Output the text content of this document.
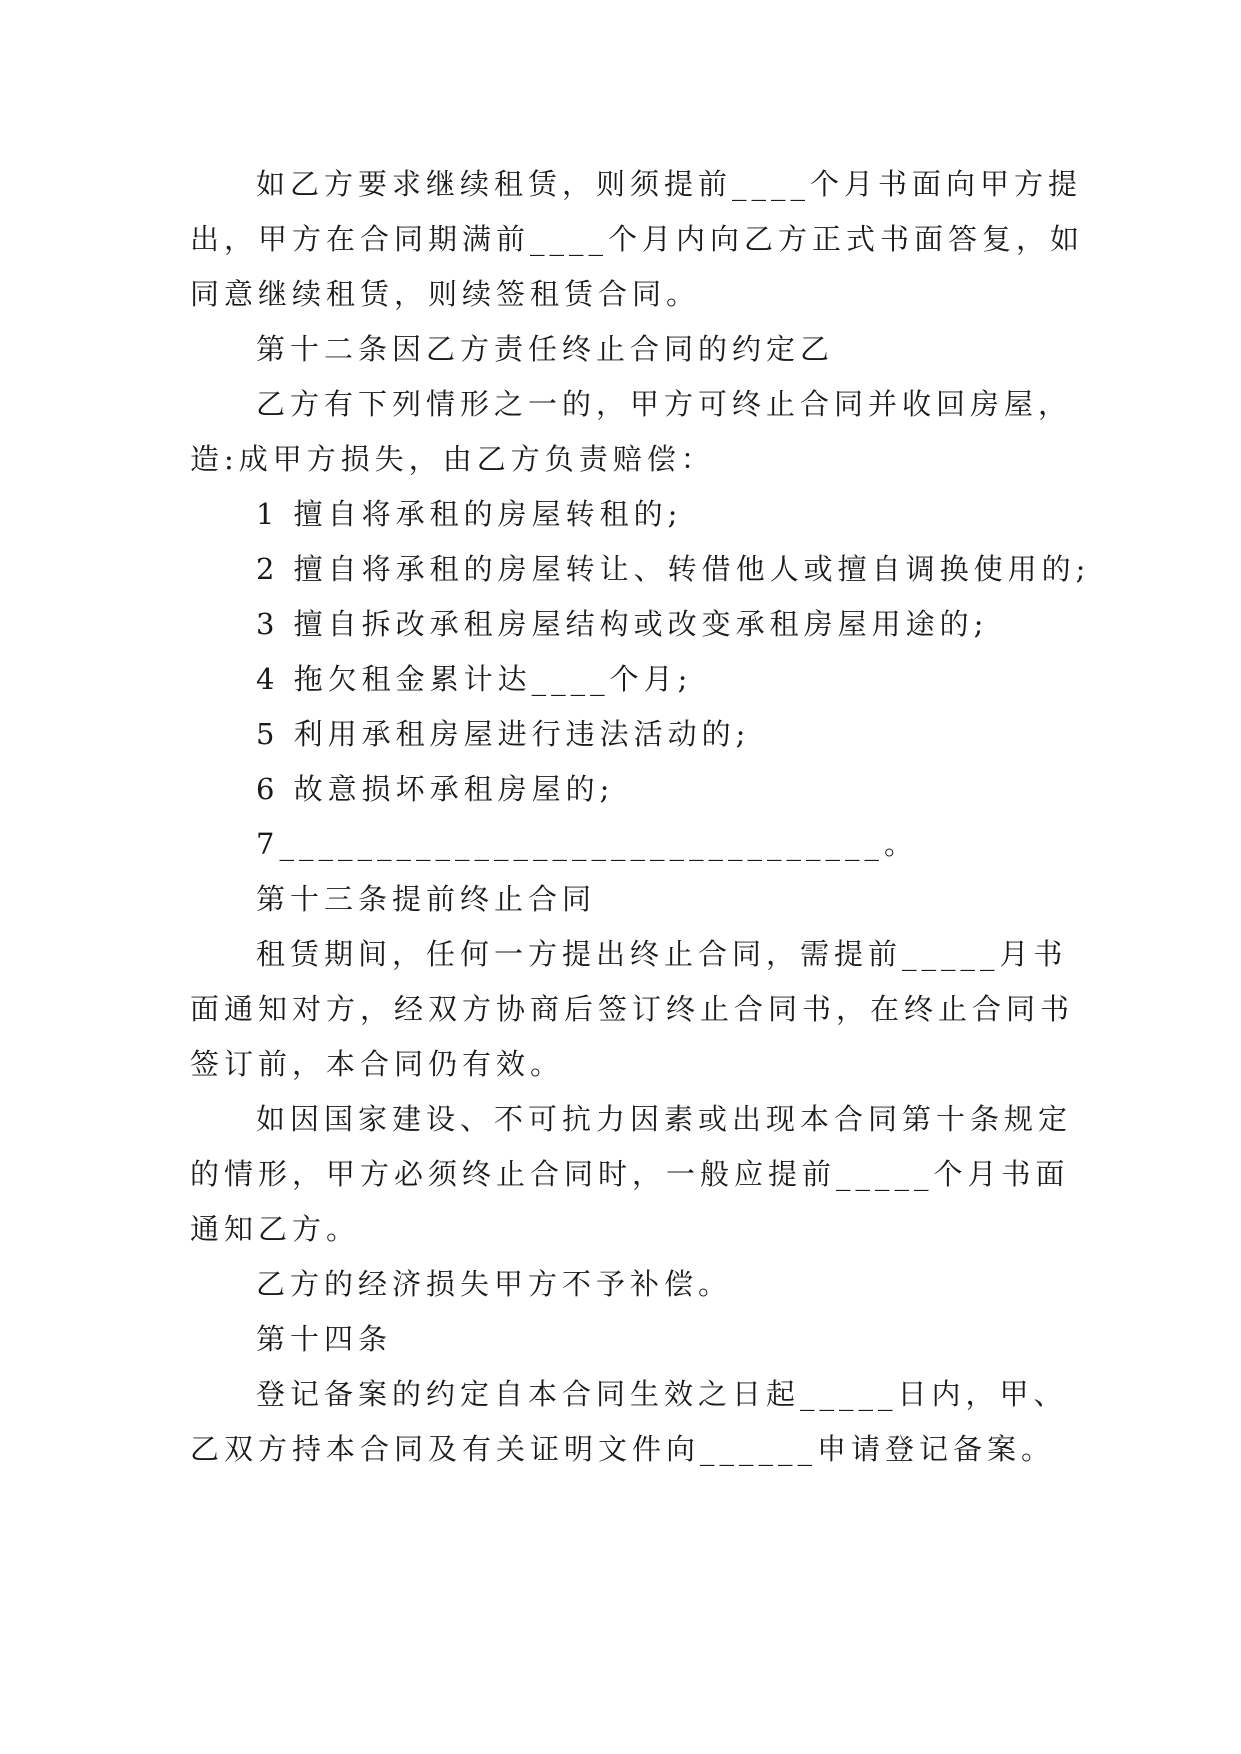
如乙方要求继续租赁，则须提前____个月书面向甲方提
出，甲方在合同期满前____个月内向乙方正式书面答复，如
同意继续租赁，则续签租赁合同。
第十二条因乙方责任终止合同的约定乙
乙方有下列情形之一的，甲方可终止合同并收回房屋，
造:成甲方损失，由乙方负责赔偿：
1 擅自将承租的房屋转租的;
2 擅自将承租的房屋转让、转借他人或擅自调换使用的;
3 擅自拆改承租房屋结构或改变承租房屋用途的;
4 拖欠租金累计达____个月;
5 利用承租房屋进行违法活动的;
6 故意损坏承租房屋的;
7_______________________________。
第十三条提前终止合同
租赁期间，任何一方提出终止合同，需提前_____月书
面通知对方，经双方协商后签订终止合同书，在终止合同书
签订前，本合同仍有效。
如因国家建设、不可抗力因素或出现本合同第十条规定
的情形，甲方必须终止合同时，一般应提前_____个月书面
通知乙方。
乙方的经济损失甲方不予补偿。
第十四条
登记备案的约定自本合同生效之日起_____日内，甲、
乙双方持本合同及有关证明文件向______申请登记备案。
